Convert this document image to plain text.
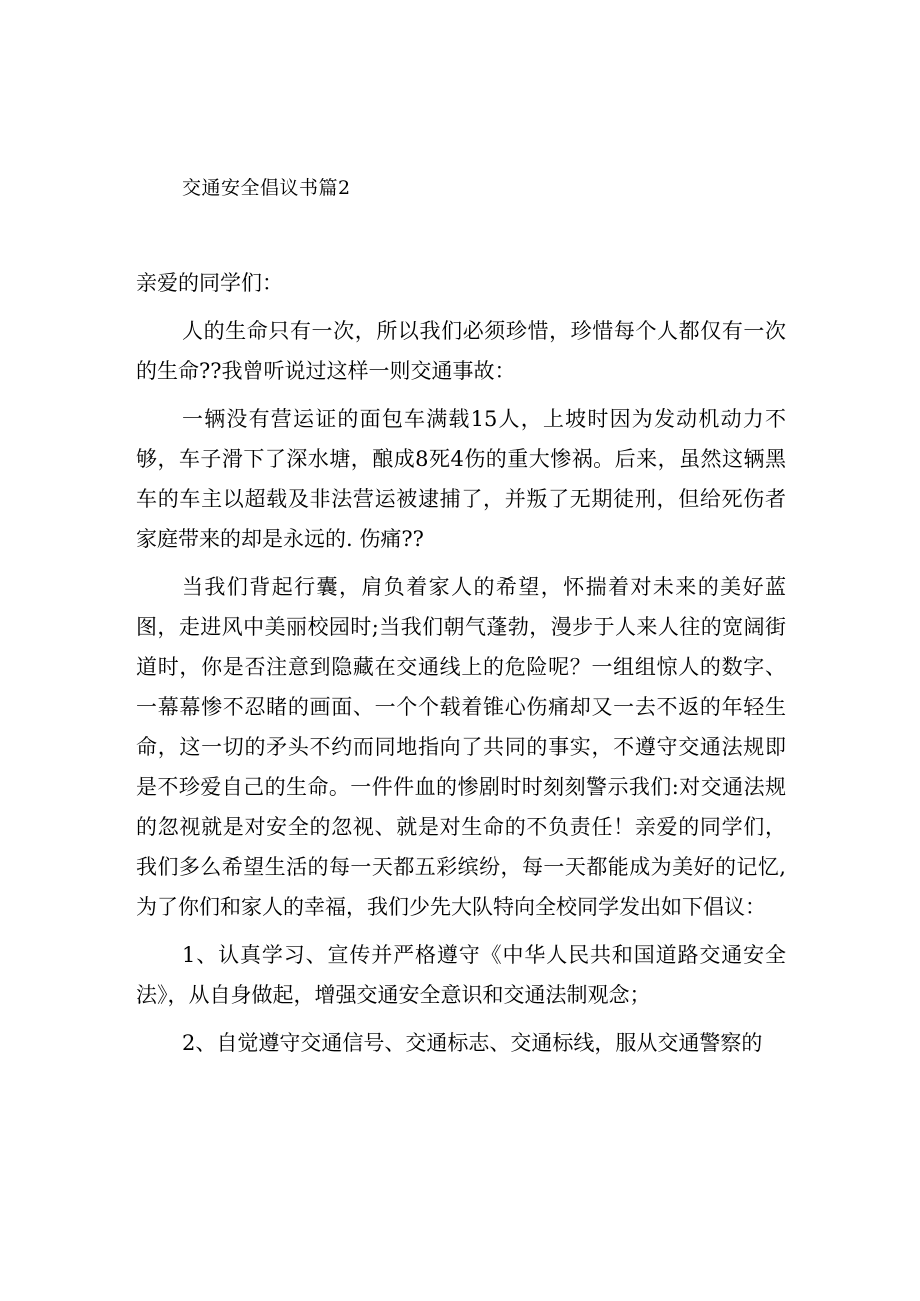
交通安全倡议书篇2

亲爱的同学们：

人的生命只有一次，所以我们必须珍惜，珍惜每个人都仅有一次的生命??我曾听说过这样一则交通事故：

一辆没有营运证的面包车满载15人，上坡时因为发动机动力不够，车子滑下了深水塘，酿成8死4伤的重大惨祸。后来，虽然这辆黑车的车主以超载及非法营运被逮捕了，并叛了无期徒刑，但给死伤者家庭带来的却是永远的. 伤痛??

当我们背起行囊，肩负着家人的希望，怀揣着对未来的美好蓝图，走进风中美丽校园时;当我们朝气蓬勃，漫步于人来人往的宽阔街道时，你是否注意到隐藏在交通线上的危险呢？一组组惊人的数字、一幕幕惨不忍睹的画面、一个个载着锥心伤痛却又一去不返的年轻生命，这一切的矛头不约而同地指向了共同的事实，不遵守交通法规即是不珍爱自己的生命。一件件血的惨剧时时刻刻警示我们:对交通法规的忽视就是对安全的忽视、就是对生命的不负责任！亲爱的同学们，我们多么希望生活的每一天都五彩缤纷，每一天都能成为美好的记忆,为了你们和家人的幸福，我们少先大队特向全校同学发出如下倡议：

1、认真学习、宣传并严格遵守《中华人民共和国道路交通安全法》，从自身做起，增强交通安全意识和交通法制观念；

2、自觉遵守交通信号、交通标志、交通标线，服从交通警察的
